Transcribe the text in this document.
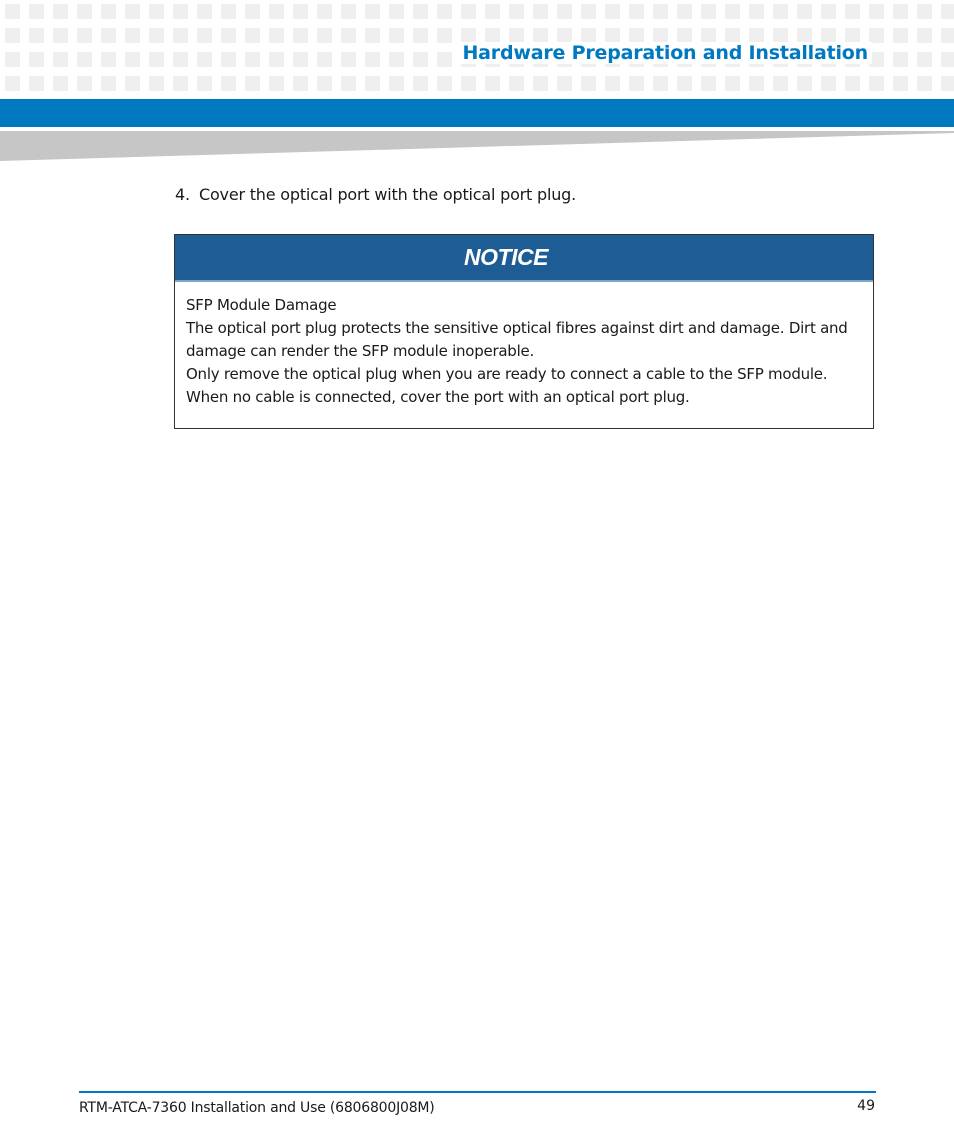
Hardware Preparation and Installation
4. Cover the optical port with the optical port plug.
NOTICE

SFP Module Damage

The optical port plug protects the sensitive optical fibres against dirt and damage. Dirt and damage can render the SFP module inoperable.

Only remove the optical plug when you are ready to connect a cable to the SFP module.

When no cable is connected, cover the port with an optical port plug.

RTM-ATCA-7360 Installation and Use (6806800J08M)	49
